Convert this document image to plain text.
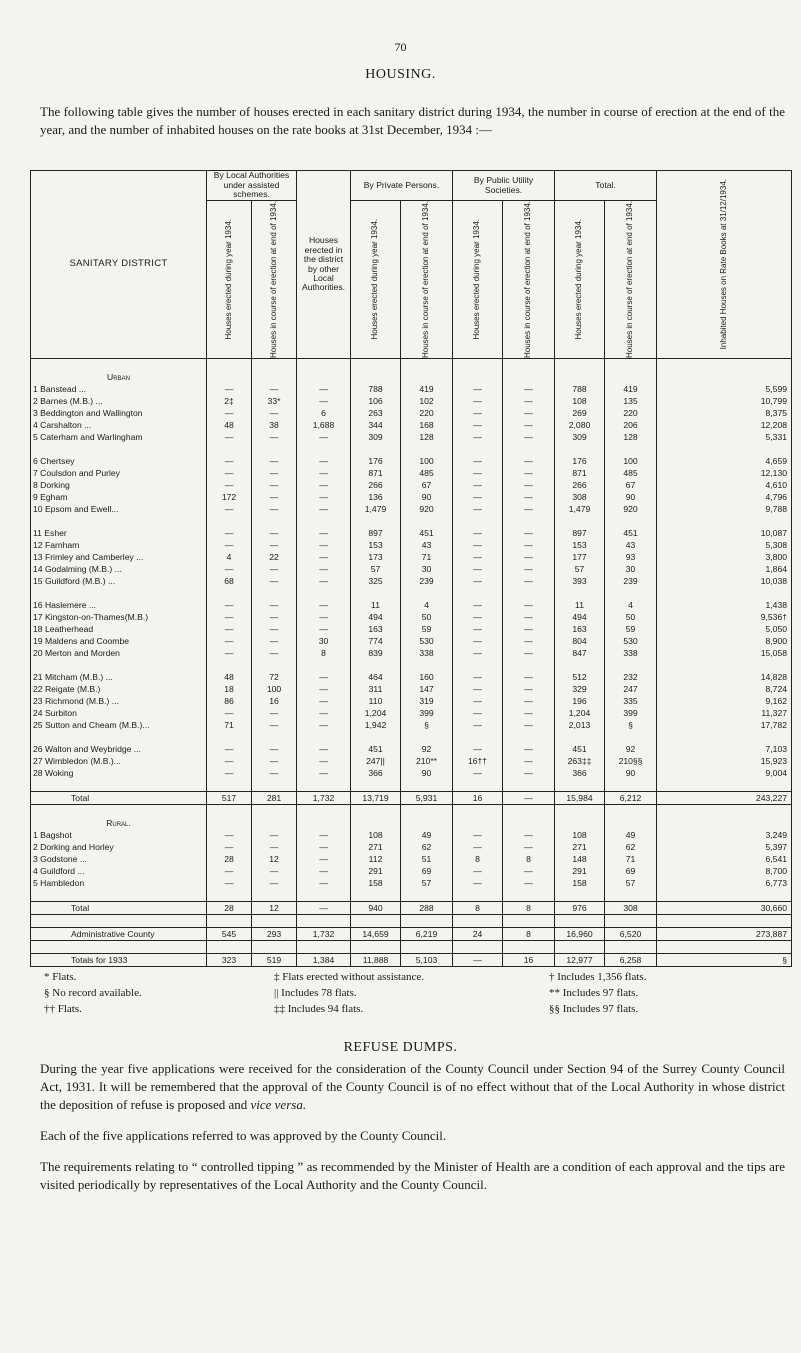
70
HOUSING.

The following table gives the number of houses erected in each sanitary district during 1934, the number in course of erection at the end of the year, and the number of inhabited houses on the rate books at 31st December, 1934 :—

SANITARY DISTRICT	By Local Authorities under assisted schemes.		Houses erected in the district by other Local Authorities.	By Private Persons.		By Public Utility Societies.		Total.		Inhabited Houses on Rate Books at 31/12/1934.

	Houses erected during year 1934.	Houses in course of erection at end of 1934.		Houses erected during year 1934.	Houses in course of erection at end of 1934.	Houses erected during year 1934.	Houses in course of erection at end of 1934.	Houses erected during year 1934.	Houses in course of erection at end of 1934.	

Urban										
1 Banstead ...	—	—	—	788	419	—	—	788	419	5,599
2 Barnes (M.B.) ...	2‡	33*	—	106	102	—	—	108	135	10,799
3 Beddington and Wallington	—	—	6	263	220	—	—	269	220	8,375
4 Carshalton ...	48	38	1,688	344	168	—	—	2,080	206	12,208
5 Caterham and Warlingham	—	—	—	309	128	—	—	309	128	5,331

6 Chertsey	—	—	—	176	100	—	—	176	100	4,659
7 Coulsdon and Purley	—	—	—	871	485	—	—	871	485	12,130
8 Dorking	—	—	—	266	67	—	—	266	67	4,610
9 Egham	172	—	—	136	90	—	—	308	90	4,796
10 Epsom and Ewell...	—	—	—	1,479	920	—	—	1,479	920	9,788

11 Esher	—	—	—	897	451	—	—	897	451	10,087
12 Farnham	—	—	—	153	43	—	—	153	43	5,308
13 Frimley and Camberley ...	4	22	—	173	71	—	—	177	93	3,800
14 Godalming (M.B.) ...	—	—	—	57	30	—	—	57	30	1,864
15 Guildford (M.B.) ...	68	—	—	325	239	—	—	393	239	10,038

16 Haslemere ...	—	—	—	11	4	—	—	11	4	1,438
17 Kingston-on-Thames(M.B.)	—	—	—	494	50	—	—	494	50	9,536†
18 Leatherhead	—	—	—	163	59	—	—	163	59	5,050
19 Maldens and Coombe	—	—	30	774	530	—	—	804	530	8,900
20 Merton and Morden	—	—	8	839	338	—	—	847	338	15,058

21 Mitcham (M.B.) ...	48	72	—	464	160	—	—	512	232	14,828
22 Reigate (M.B.)	18	100	—	311	147	—	—	329	247	8,724
23 Richmond (M.B.) ...	86	16	—	110	319	—	—	196	335	9,162
24 Surbiton	—	—	—	1,204	399	—	—	1,204	399	11,327
25 Sutton and Cheam (M.B.)...	71	—	—	1,942	§	—	—	2,013	§	17,782

26 Walton and Weybridge ...	—	—	—	451	92	—	—	451	92	7,103
27 Wimbledon (M.B.)...	—	—	—	247||	210**	16††	—	263‡‡	210§§	15,923
28 Woking	—	—	—	366	90	—	—	366	90	9,004

Total	517	281	1,732	13,719	5,931	16	—	15,984	6,212	243,227

Rural.										
1 Bagshot	—	—	—	108	49	—	—	108	49	3,249
2 Dorking and Horley	—	—	—	271	62	—	—	271	62	5,397
3 Godstone ...	28	12	—	112	51	8	8	148	71	6,541
4 Guildford ...	—	—	—	291	69	—	—	291	69	8,700
5 Hambledon	—	—	—	158	57	—	—	158	57	6,773

Total	28	12	—	940	288	8	8	976	308	30,660

Administrative County	545	293	1,732	14,659	6,219	24	8	16,960	6,520	273,887

Totals for 1933	323	519	1,384	11,888	5,103	—	16	12,977	6,258	§
* Flats.	‡ Flats erected without assistance.	† Includes 1,356 flats.
§ No record available.	|| Includes 78 flats.	** Includes 97 flats.
†† Flats.	‡‡ Includes 94 flats.	§§ Includes 97 flats.
REFUSE DUMPS.

During the year five applications were received for the consideration of the County Council under Section 94 of the Surrey County Council Act, 1931. It will be remembered that the approval of the County Council is of no effect without that of the Local Authority in whose district the deposition of refuse is proposed and vice versa.

Each of the five applications referred to was approved by the County Council.

The requirements relating to “ controlled tipping ” as recommended by the Minister of Health are a condition of each approval and the tips are visited periodically by representatives of the Local Authority and the County Council.
